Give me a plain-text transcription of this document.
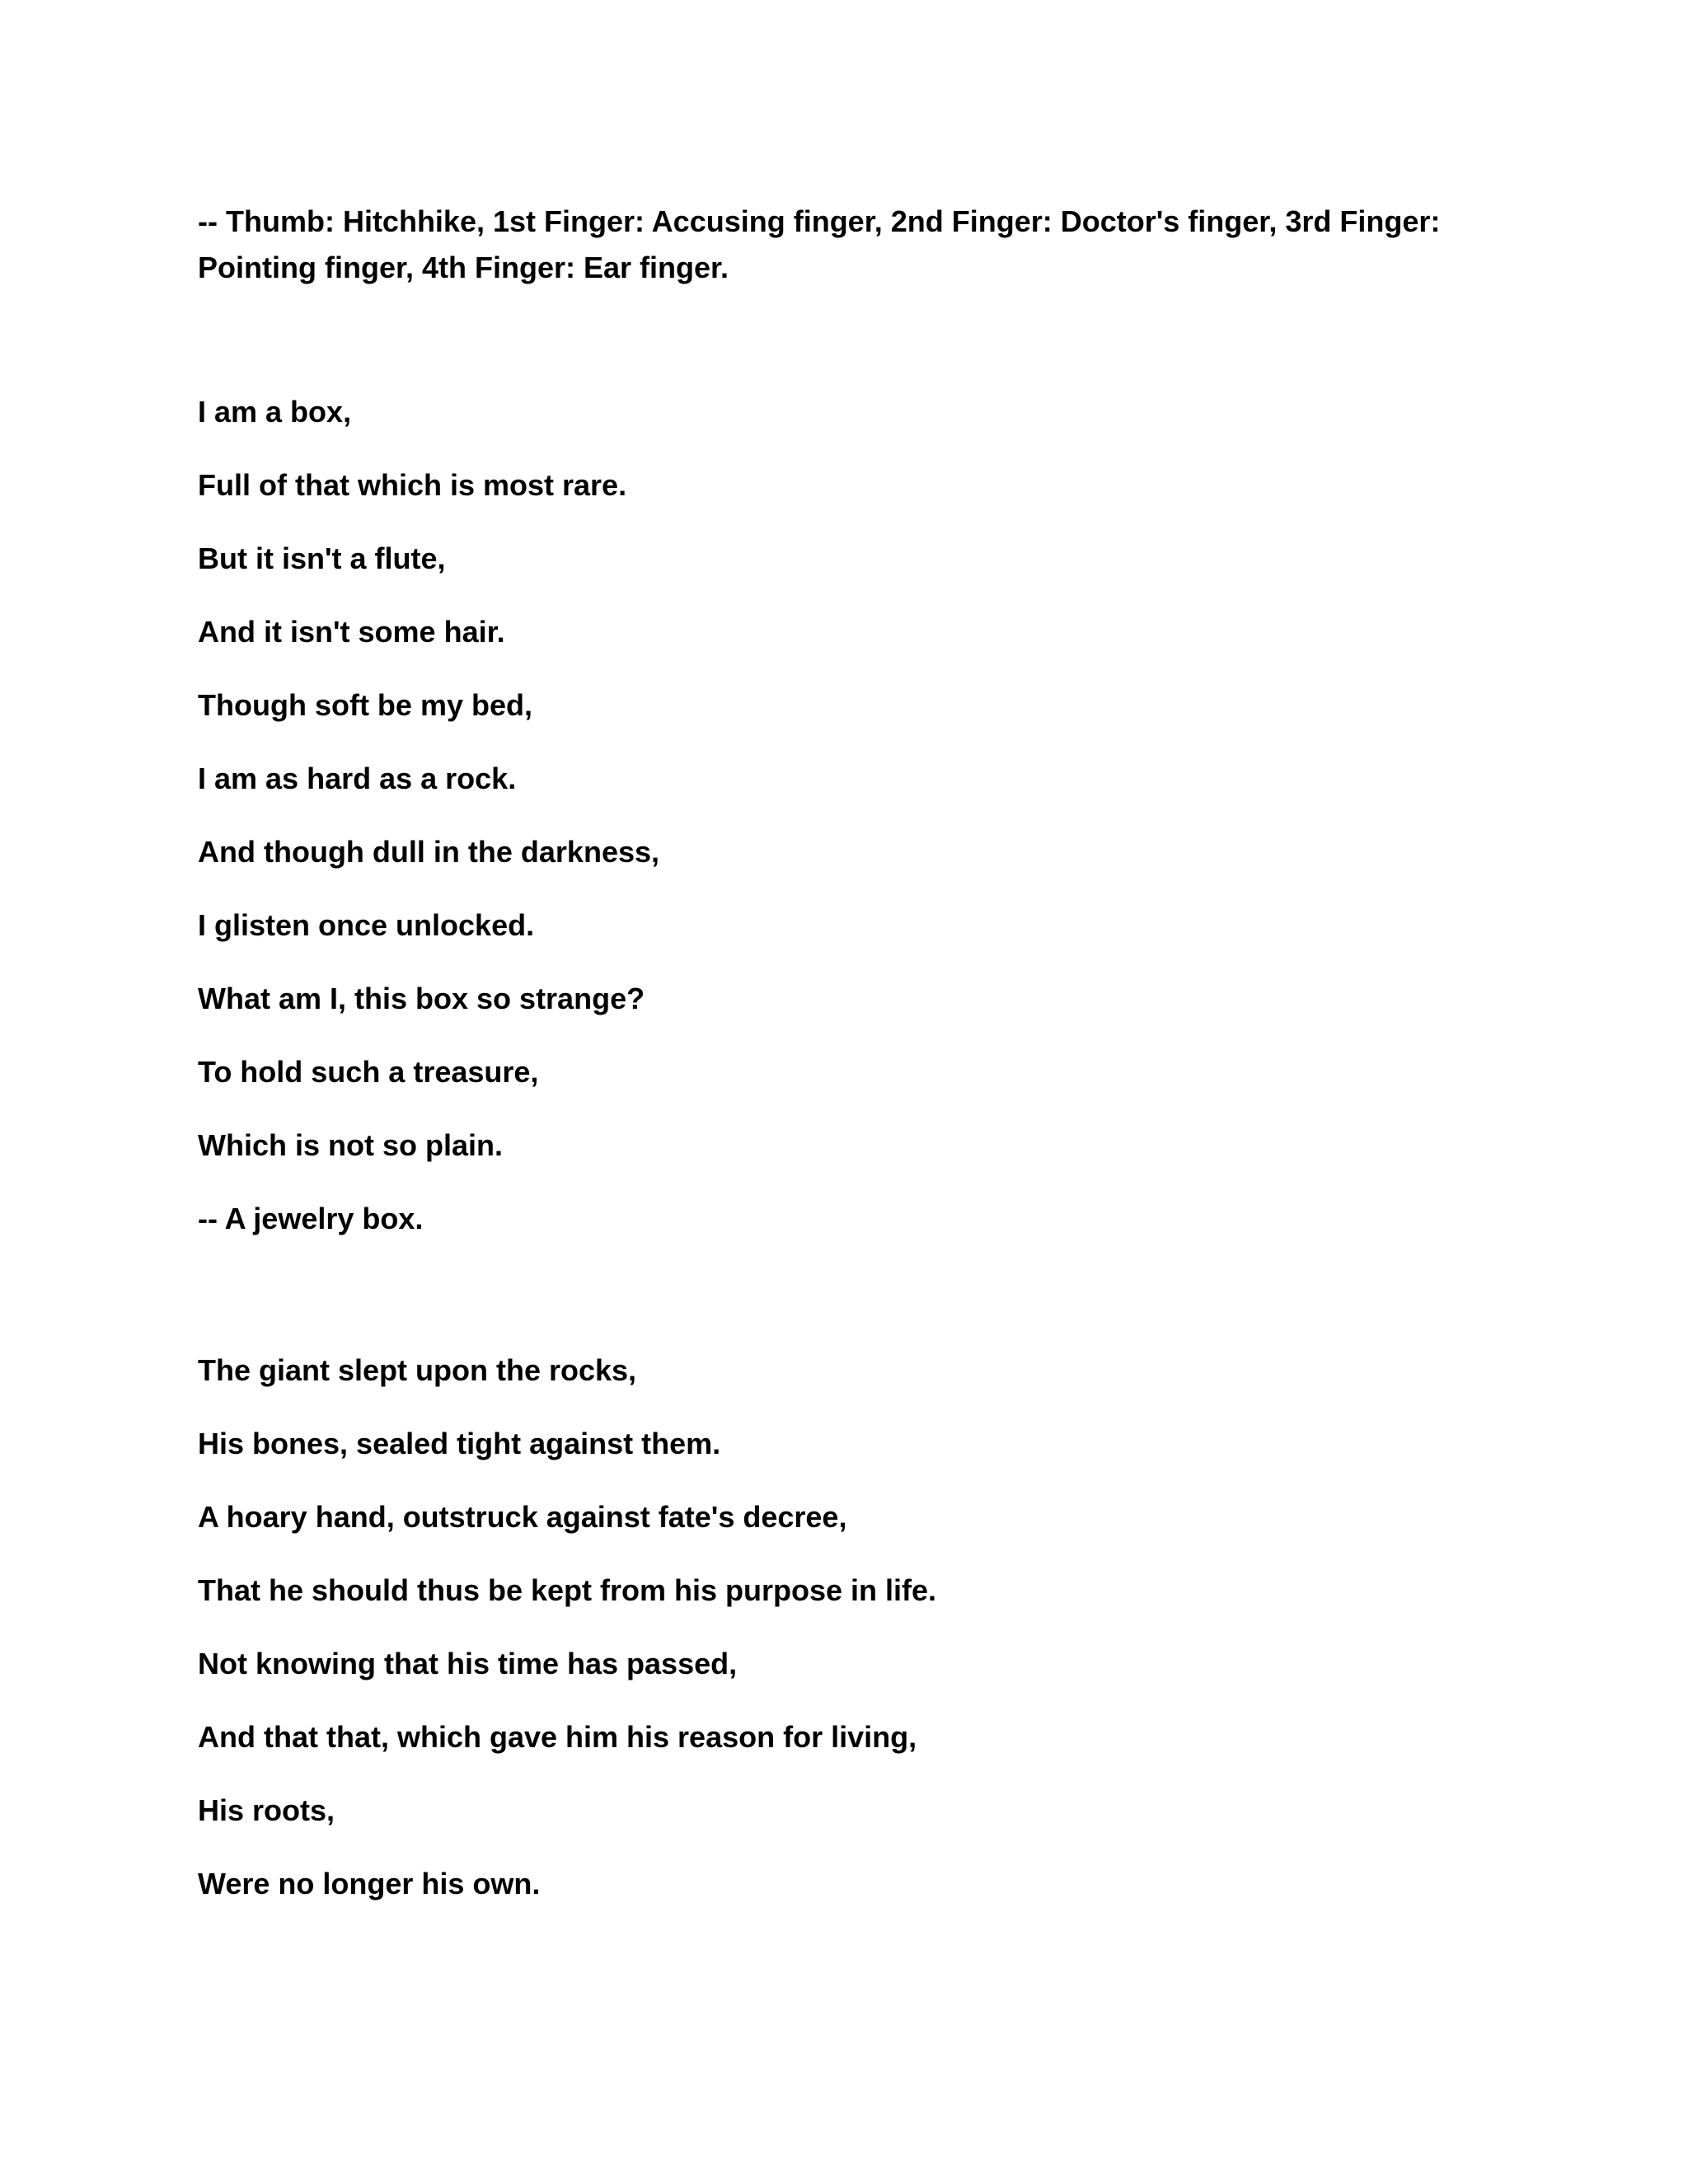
-- Thumb: Hitchhike, 1st Finger: Accusing finger, 2nd Finger: Doctor's finger, 3rd Finger:

Pointing finger, 4th Finger: Ear finger.

I am a box,

Full of that which is most rare.

But it isn't a flute,

And it isn't some hair.

Though soft be my bed,

I am as hard as a rock.

And though dull in the darkness,

I glisten once unlocked.

What am I, this box so strange?

To hold such a treasure,

Which is not so plain.

-- A jewelry box.

The giant slept upon the rocks,

His bones, sealed tight against them.

A hoary hand, outstruck against fate's decree,

That he should thus be kept from his purpose in life.

Not knowing that his time has passed,

And that that, which gave him his reason for living,

His roots,

Were no longer his own.
